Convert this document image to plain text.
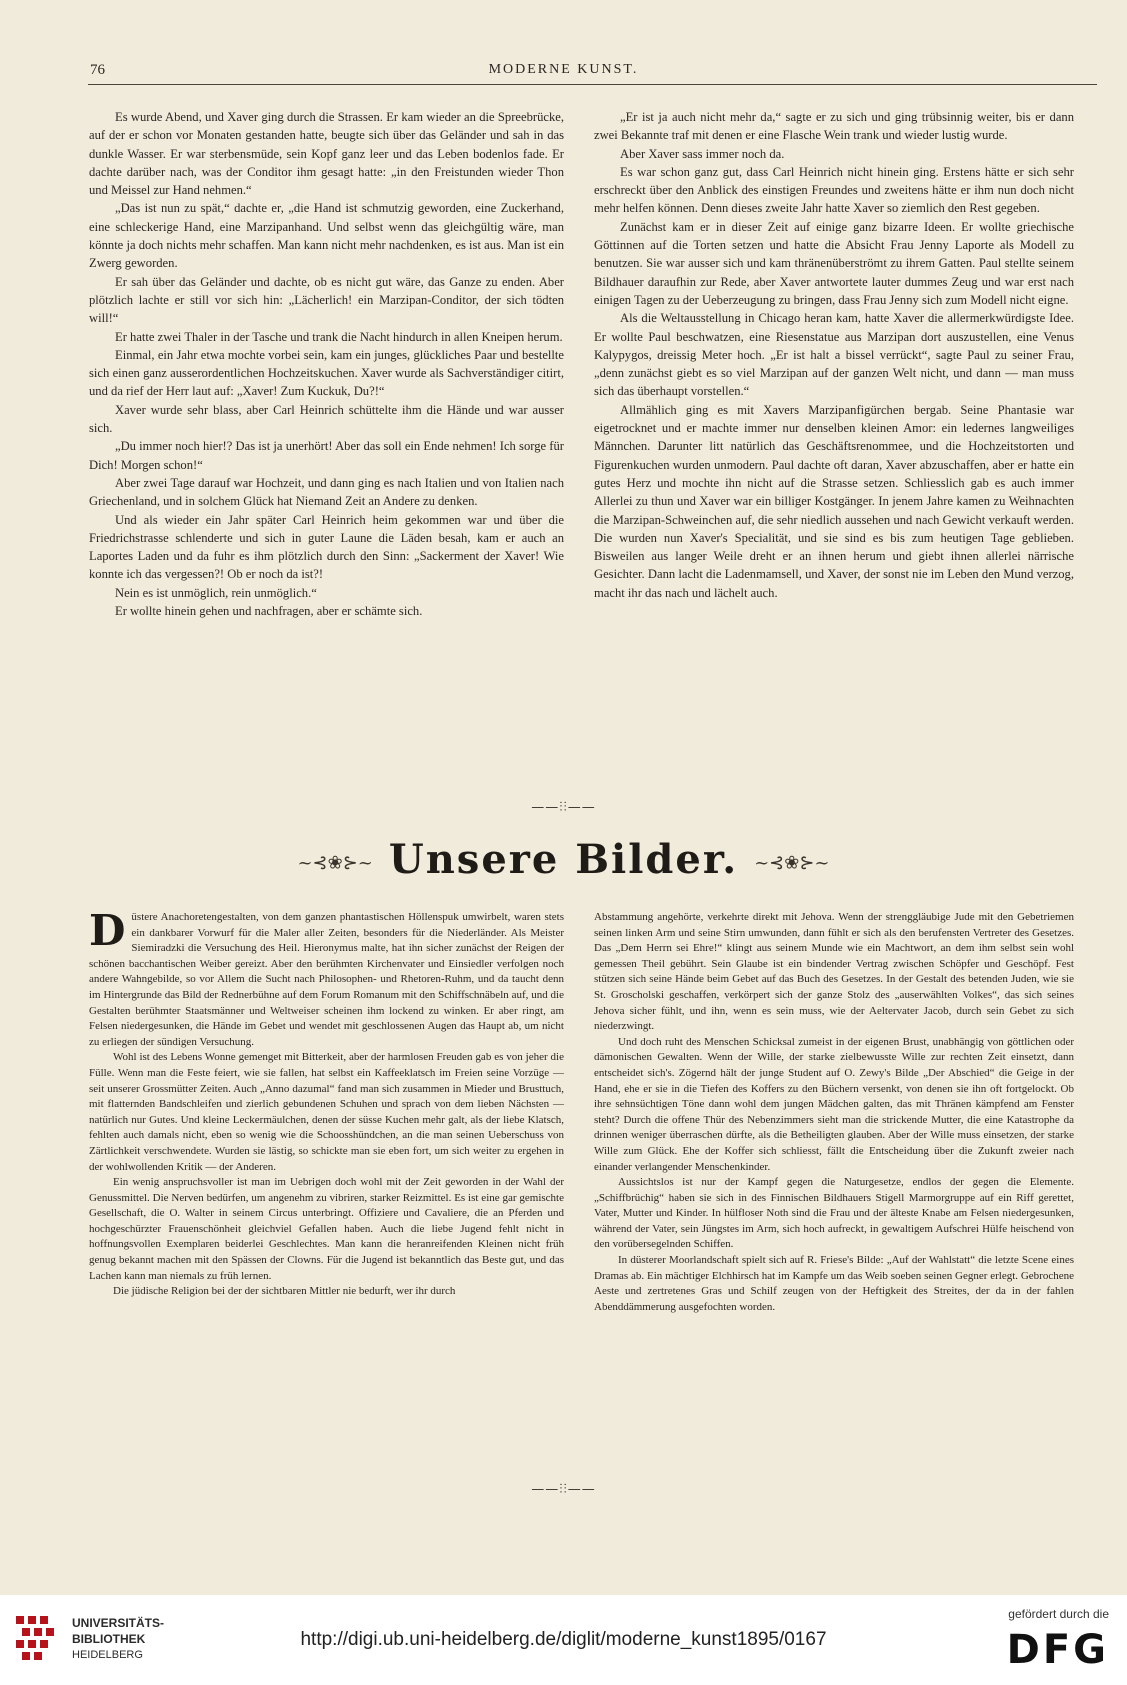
76	MODERNE KUNST.

Es wurde Abend, und Xaver ging durch die Strassen. Er kam wieder an die Spreebrücke, auf der er schon vor Monaten gestanden hatte, beugte sich über das Geländer und sah in das dunkle Wasser. Er war sterbensmüde, sein Kopf ganz leer und das Leben bodenlos fade. Er dachte darüber nach, was der Conditor ihm gesagt hatte: „in den Freistunden wieder Thon und Meissel zur Hand nehmen.“

„Das ist nun zu spät,“ dachte er, „die Hand ist schmutzig geworden, eine Zuckerhand, eine schleckerige Hand, eine Marzipanhand. Und selbst wenn das gleichgültig wäre, man könnte ja doch nichts mehr schaffen. Man kann nicht mehr nachdenken, es ist aus. Man ist ein Zwerg geworden.

Er sah über das Geländer und dachte, ob es nicht gut wäre, das Ganze zu enden. Aber plötzlich lachte er still vor sich hin: „Lächerlich! ein Marzipan-Conditor, der sich tödten will!“

Er hatte zwei Thaler in der Tasche und trank die Nacht hindurch in allen Kneipen herum.

Einmal, ein Jahr etwa mochte vorbei sein, kam ein junges, glückliches Paar und bestellte sich einen ganz ausserordentlichen Hochzeitskuchen. Xaver wurde als Sachverständiger citirt, und da rief der Herr laut auf: „Xaver! Zum Kuckuk, Du?!“

Xaver wurde sehr blass, aber Carl Heinrich schüttelte ihm die Hände und war ausser sich.

„Du immer noch hier!? Das ist ja unerhört! Aber das soll ein Ende nehmen! Ich sorge für Dich! Morgen schon!“

Aber zwei Tage darauf war Hochzeit, und dann ging es nach Italien und von Italien nach Griechenland, und in solchem Glück hat Niemand Zeit an Andere zu denken.

Und als wieder ein Jahr später Carl Heinrich heim gekommen war und über die Friedrichstrasse schlenderte und sich in guter Laune die Läden besah, kam er auch an Laportes Laden und da fuhr es ihm plötzlich durch den Sinn: „Sackerment der Xaver! Wie konnte ich das vergessen?! Ob er noch da ist?!

Nein es ist unmöglich, rein unmöglich.“

Er wollte hinein gehen und nachfragen, aber er schämte sich.

„Er ist ja auch nicht mehr da,“ sagte er zu sich und ging trübsinnig weiter, bis er dann zwei Bekannte traf mit denen er eine Flasche Wein trank und wieder lustig wurde.

Aber Xaver sass immer noch da.

Es war schon ganz gut, dass Carl Heinrich nicht hinein ging. Erstens hätte er sich sehr erschreckt über den Anblick des einstigen Freundes und zweitens hätte er ihm nun doch nicht mehr helfen können. Denn dieses zweite Jahr hatte Xaver so ziemlich den Rest gegeben.

Zunächst kam er in dieser Zeit auf einige ganz bizarre Ideen. Er wollte griechische Göttinnen auf die Torten setzen und hatte die Absicht Frau Jenny Laporte als Modell zu benutzen. Sie war ausser sich und kam thränenüberströmt zu ihrem Gatten. Paul stellte seinem Bildhauer daraufhin zur Rede, aber Xaver antwortete lauter dummes Zeug und war erst nach einigen Tagen zu der Ueberzeugung zu bringen, dass Frau Jenny sich zum Modell nicht eigne.

Als die Weltausstellung in Chicago heran kam, hatte Xaver die allermerkwürdigste Idee. Er wollte Paul beschwatzen, eine Riesenstatue aus Marzipan dort auszustellen, eine Venus Kalypygos, dreissig Meter hoch. „Er ist halt a bissel verrückt“, sagte Paul zu seiner Frau, „denn zunächst giebt es so viel Marzipan auf der ganzen Welt nicht, und dann — man muss sich das überhaupt vorstellen.“

Allmählich ging es mit Xavers Marzipanfigürchen bergab. Seine Phantasie war eigetrocknet und er machte immer nur denselben kleinen Amor: ein ledernes langweiliges Männchen. Darunter litt natürlich das Geschäftsrenommee, und die Hochzeitstorten und Figurenkuchen wurden unmodern. Paul dachte oft daran, Xaver abzuschaffen, aber er hatte ein gutes Herz und mochte ihn nicht auf die Strasse setzen. Schliesslich gab es auch immer Allerlei zu thun und Xaver war ein billiger Kostgänger. In jenem Jahre kamen zu Weihnachten die Marzipan-Schweinchen auf, die sehr niedlich aussehen und nach Gewicht verkauft werden. Die wurden nun Xaver's Specialität, und sie sind es bis zum heutigen Tage geblieben. Bisweilen aus langer Weile dreht er an ihnen herum und giebt ihnen allerlei närrische Gesichter. Dann lacht die Ladenmamsell, und Xaver, der sonst nie im Leben den Mund verzog, macht ihr das nach und lächelt auch.

——⫶⫶——
~⊰❀⊱~ Unsere Bilder. ~⊰❀⊱~

Düstere Anachoretengestalten, von dem ganzen phantastischen Höllenspuk umwirbelt, waren stets ein dankbarer Vorwurf für die Maler aller Zeiten, besonders für die Niederländer. Als Meister Siemiradzki die Versuchung des Heil. Hieronymus malte, hat ihn sicher zunächst der Reigen der schönen bacchantischen Weiber gereizt. Aber den berühmten Kirchenvater und Einsiedler verfolgen noch andere Wahngebilde, so vor Allem die Sucht nach Philosophen- und Rhetoren-Ruhm, und da taucht denn im Hintergrunde das Bild der Rednerbühne auf dem Forum Romanum mit den Schiffschnäbeln auf, und die Gestalten berühmter Staatsmänner und Weltweiser scheinen ihm lockend zu winken. Er aber ringt, am Felsen niedergesunken, die Hände im Gebet und wendet mit geschlossenen Augen das Haupt ab, um nicht zu erliegen der sündigen Versuchung.

Wohl ist des Lebens Wonne gemenget mit Bitterkeit, aber der harmlosen Freuden gab es von jeher die Fülle. Wenn man die Feste feiert, wie sie fallen, hat selbst ein Kaffeeklatsch im Freien seine Vorzüge — seit unserer Grossmütter Zeiten. Auch „Anno dazumal“ fand man sich zusammen in Mieder und Brusttuch, mit flatternden Bandschleifen und zierlich gebundenen Schuhen und sprach von dem lieben Nächsten — natürlich nur Gutes. Und kleine Leckermäulchen, denen der süsse Kuchen mehr galt, als der liebe Klatsch, fehlten auch damals nicht, eben so wenig wie die Schoosshündchen, an die man seinen Ueberschuss von Zärtlichkeit verschwendete. Wurden sie lästig, so schickte man sie eben fort, um sich weiter zu ergehen in der wohlwollenden Kritik — der Anderen.

Ein wenig anspruchsvoller ist man im Uebrigen doch wohl mit der Zeit geworden in der Wahl der Genussmittel. Die Nerven bedürfen, um angenehm zu vibriren, starker Reizmittel. Es ist eine gar gemischte Gesellschaft, die O. Walter in seinem Circus unterbringt. Offiziere und Cavaliere, die an Pferden und hochgeschürzter Frauenschönheit gleichviel Gefallen haben. Auch die liebe Jugend fehlt nicht in hoffnungsvollen Exemplaren beiderlei Geschlechtes. Man kann die heranreifenden Kleinen nicht früh genug bekannt machen mit den Spässen der Clowns. Für die Jugend ist bekanntlich das Beste gut, und das Lachen kann man niemals zu früh lernen.

Die jüdische Religion bei der der sichtbaren Mittler nie bedurft, wer ihr durch

Abstammung angehörte, verkehrte direkt mit Jehova. Wenn der strenggläubige Jude mit den Gebetriemen seinen linken Arm und seine Stirn umwunden, dann fühlt er sich als den berufensten Vertreter des Gesetzes. Das „Dem Herrn sei Ehre!“ klingt aus seinem Munde wie ein Machtwort, an dem ihm selbst sein wohl gemessen Theil gebührt. Sein Glaube ist ein bindender Vertrag zwischen Schöpfer und Geschöpf. Fest stützen sich seine Hände beim Gebet auf das Buch des Gesetzes. In der Gestalt des betenden Juden, wie sie St. Groscholski geschaffen, verkörpert sich der ganze Stolz des „auserwählten Volkes“, das sich seines Jehova sicher fühlt, und ihn, wenn es sein muss, wie der Aeltervater Jacob, durch sein Gebet zu sich niederzwingt.

Und doch ruht des Menschen Schicksal zumeist in der eigenen Brust, unabhängig von göttlichen oder dämonischen Gewalten. Wenn der Wille, der starke zielbewusste Wille zur rechten Zeit einsetzt, dann entscheidet sich's. Zögernd hält der junge Student auf O. Zewy's Bilde „Der Abschied“ die Geige in der Hand, ehe er sie in die Tiefen des Koffers zu den Büchern versenkt, von denen sie ihn oft fortgelockt. Ob ihre sehnsüchtigen Töne dann wohl dem jungen Mädchen galten, das mit Thränen kämpfend am Fenster steht? Durch die offene Thür des Nebenzimmers sieht man die strickende Mutter, die eine Katastrophe da drinnen weniger überraschen dürfte, als die Betheiligten glauben. Aber der Wille muss einsetzen, der starke Wille zum Glück. Ehe der Koffer sich schliesst, fällt die Entscheidung über die Zukunft zweier nach einander verlangender Menschenkinder.

Aussichtslos ist nur der Kampf gegen die Naturgesetze, endlos der gegen die Elemente. „Schiffbrüchig“ haben sie sich in des Finnischen Bildhauers Stigell Marmorgruppe auf ein Riff gerettet, Vater, Mutter und Kinder. In hülfloser Noth sind die Frau und der älteste Knabe am Felsen niedergesunken, während der Vater, sein Jüngstes im Arm, sich hoch aufreckt, in gewaltigem Aufschrei Hülfe heischend von den vorübersegelnden Schiffen.

In düsterer Moorlandschaft spielt sich auf R. Friese's Bilde: „Auf der Wahlstatt“ die letzte Scene eines Dramas ab. Ein mächtiger Elchhirsch hat im Kampfe um das Weib soeben seinen Gegner erlegt. Gebrochene Aeste und zertretenes Gras und Schilf zeugen von der Heftigkeit des Streites, der da in der fahlen Abenddämmerung ausgefochten worden.

——⫶⫶——
UNIVERSITÄTS-
BIBLIOTHEK
HEIDELBERG
http://digi.ub.uni-heidelberg.de/diglit/moderne_kunst1895/0167
gefördert durch die
DFG
